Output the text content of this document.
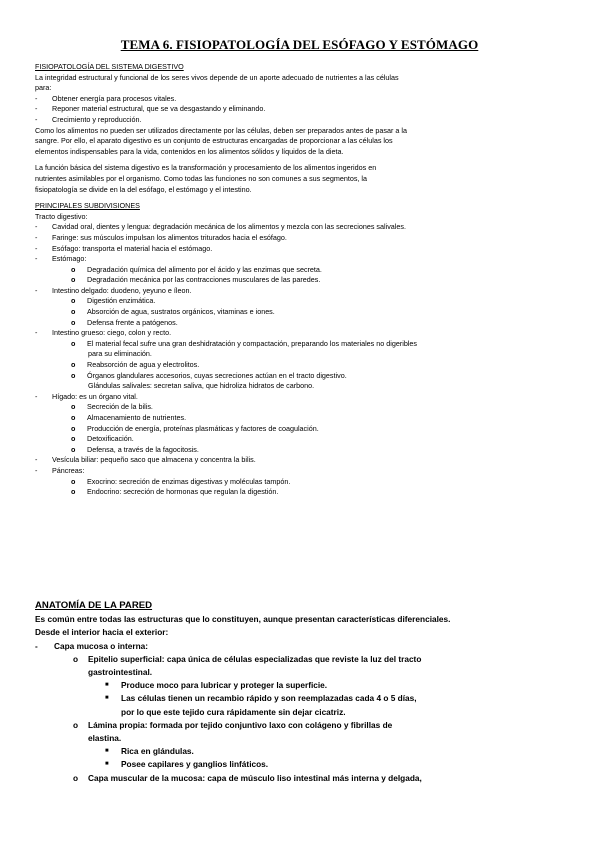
TEMA 6. FISIOPATOLOGÍA DEL ESÓFAGO Y ESTÓMAGO
FISIOPATOLOGÍA DEL SISTEMA DIGESTIVO
La integridad estructural y funcional de los seres vivos depende de un aporte adecuado de nutrientes a las células
para:
- Obtener energía para procesos vitales.
- Reponer material estructural, que se va desgastando y eliminando.
- Crecimiento y reproducción.
Como los alimentos no pueden ser utilizados directamente por las células, deben ser preparados antes de pasar a la
sangre. Por ello, el aparato digestivo es un conjunto de estructuras encargadas de proporcionar a las células los
elementos indispensables para la vida, contenidos en los alimentos sólidos y líquidos de la dieta.
La función básica del sistema digestivo es la transformación y procesamiento de los alimentos ingeridos en
nutrientes asimilables por el organismo. Como todas las funciones no son comunes a sus segmentos, la
fisiopatología se divide en la del esófago, el estómago y el intestino.
PRINCIPALES SUBDIVISIONES
Tracto digestivo:
- Cavidad oral, dientes y lengua: degradación mecánica de los alimentos y mezcla con las secreciones salivales.
- Faringe: sus músculos impulsan los alimentos triturados hacia el esófago.
- Esófago: transporta el material hacia el estómago.
- Estómago:
o Degradación química del alimento por el ácido y las enzimas que secreta.
o Degradación mecánica por las contracciones musculares de las paredes.
- Intestino delgado: duodeno, yeyuno e íleon.
o Digestión enzimática.
o Absorción de agua, sustratos orgánicos, vitaminas e iones.
o Defensa frente a patógenos.
- Intestino grueso: ciego, colon y recto.
o El material fecal sufre una gran deshidratación y compactación, preparando los materiales no digeribles
para su eliminación.
o Reabsorción de agua y electrolitos.
o Órganos glandulares accesorios, cuyas secreciones actúan en el tracto digestivo.
Glándulas salivales: secretan saliva, que hidroliza hidratos de carbono.
- Hígado: es un órgano vital.
o Secreción de la bilis.
o Almacenamiento de nutrientes.
o Producción de energía, proteínas plasmáticas y factores de coagulación.
o Detoxificación.
o Defensa, a través de la fagocitosis.
- Vesícula biliar: pequeño saco que almacena y concentra la bilis.
- Páncreas:
o Exocrino: secreción de enzimas digestivas y moléculas tampón.
o Endocrino: secreción de hormonas que regulan la digestión.
ANATOMÍA DE LA PARED
Es común entre todas las estructuras que lo constituyen, aunque presentan características diferenciales.
Desde el interior hacia el exterior:
- Capa mucosa o interna:
o Epitelio superficial: capa única de células especializadas que reviste la luz del tracto
gastrointestinal.
■ Produce moco para lubricar y proteger la superficie.
■ Las células tienen un recambio rápido y son reemplazadas cada 4 o 5 días,
por lo que este tejido cura rápidamente sin dejar cicatriz.
o Lámina propia: formada por tejido conjuntivo laxo con colágeno y fibrillas de
elastina.
■ Rica en glándulas.
■ Posee capilares y ganglios linfáticos.
o Capa muscular de la mucosa: capa de músculo liso intestinal más interna y delgada,
